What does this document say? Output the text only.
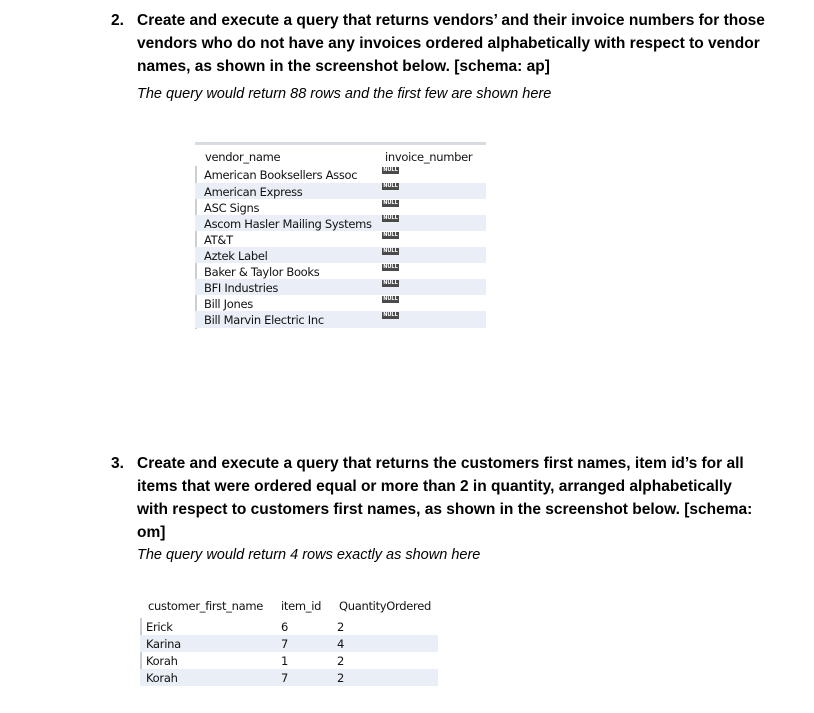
2. Create and execute a query that returns vendors’ and their invoice numbers for those
vendors who do not have any invoices ordered alphabetically with respect to vendor
names, as shown in the screenshot below. [schema: ap]
The query would return 88 rows and the first few are shown here
vendor_name	invoice_number
American Booksellers Assoc	NULL
American Express	NULL
ASC Signs	NULL
Ascom Hasler Mailing Systems NULL
AT&T	NULL
Aztek Label	NULL
Baker & Taylor Books	NULL
BFI Industries	NULL
Bill Jones	NULL
Bill Marvin Electric Inc	NULL
3. Create and execute a query that returns the customers first names, item id’s for all
items that were ordered equal or more than 2 in quantity, arranged alphabetically
with respect to customers first names, as shown in the screenshot below. [schema:
om]
The query would return 4 rows exactly as shown here
customer_first_name item_id QuantityOrdered
Erick	6	2
Karina	7	4
Korah	1	2
Korah	7	2
